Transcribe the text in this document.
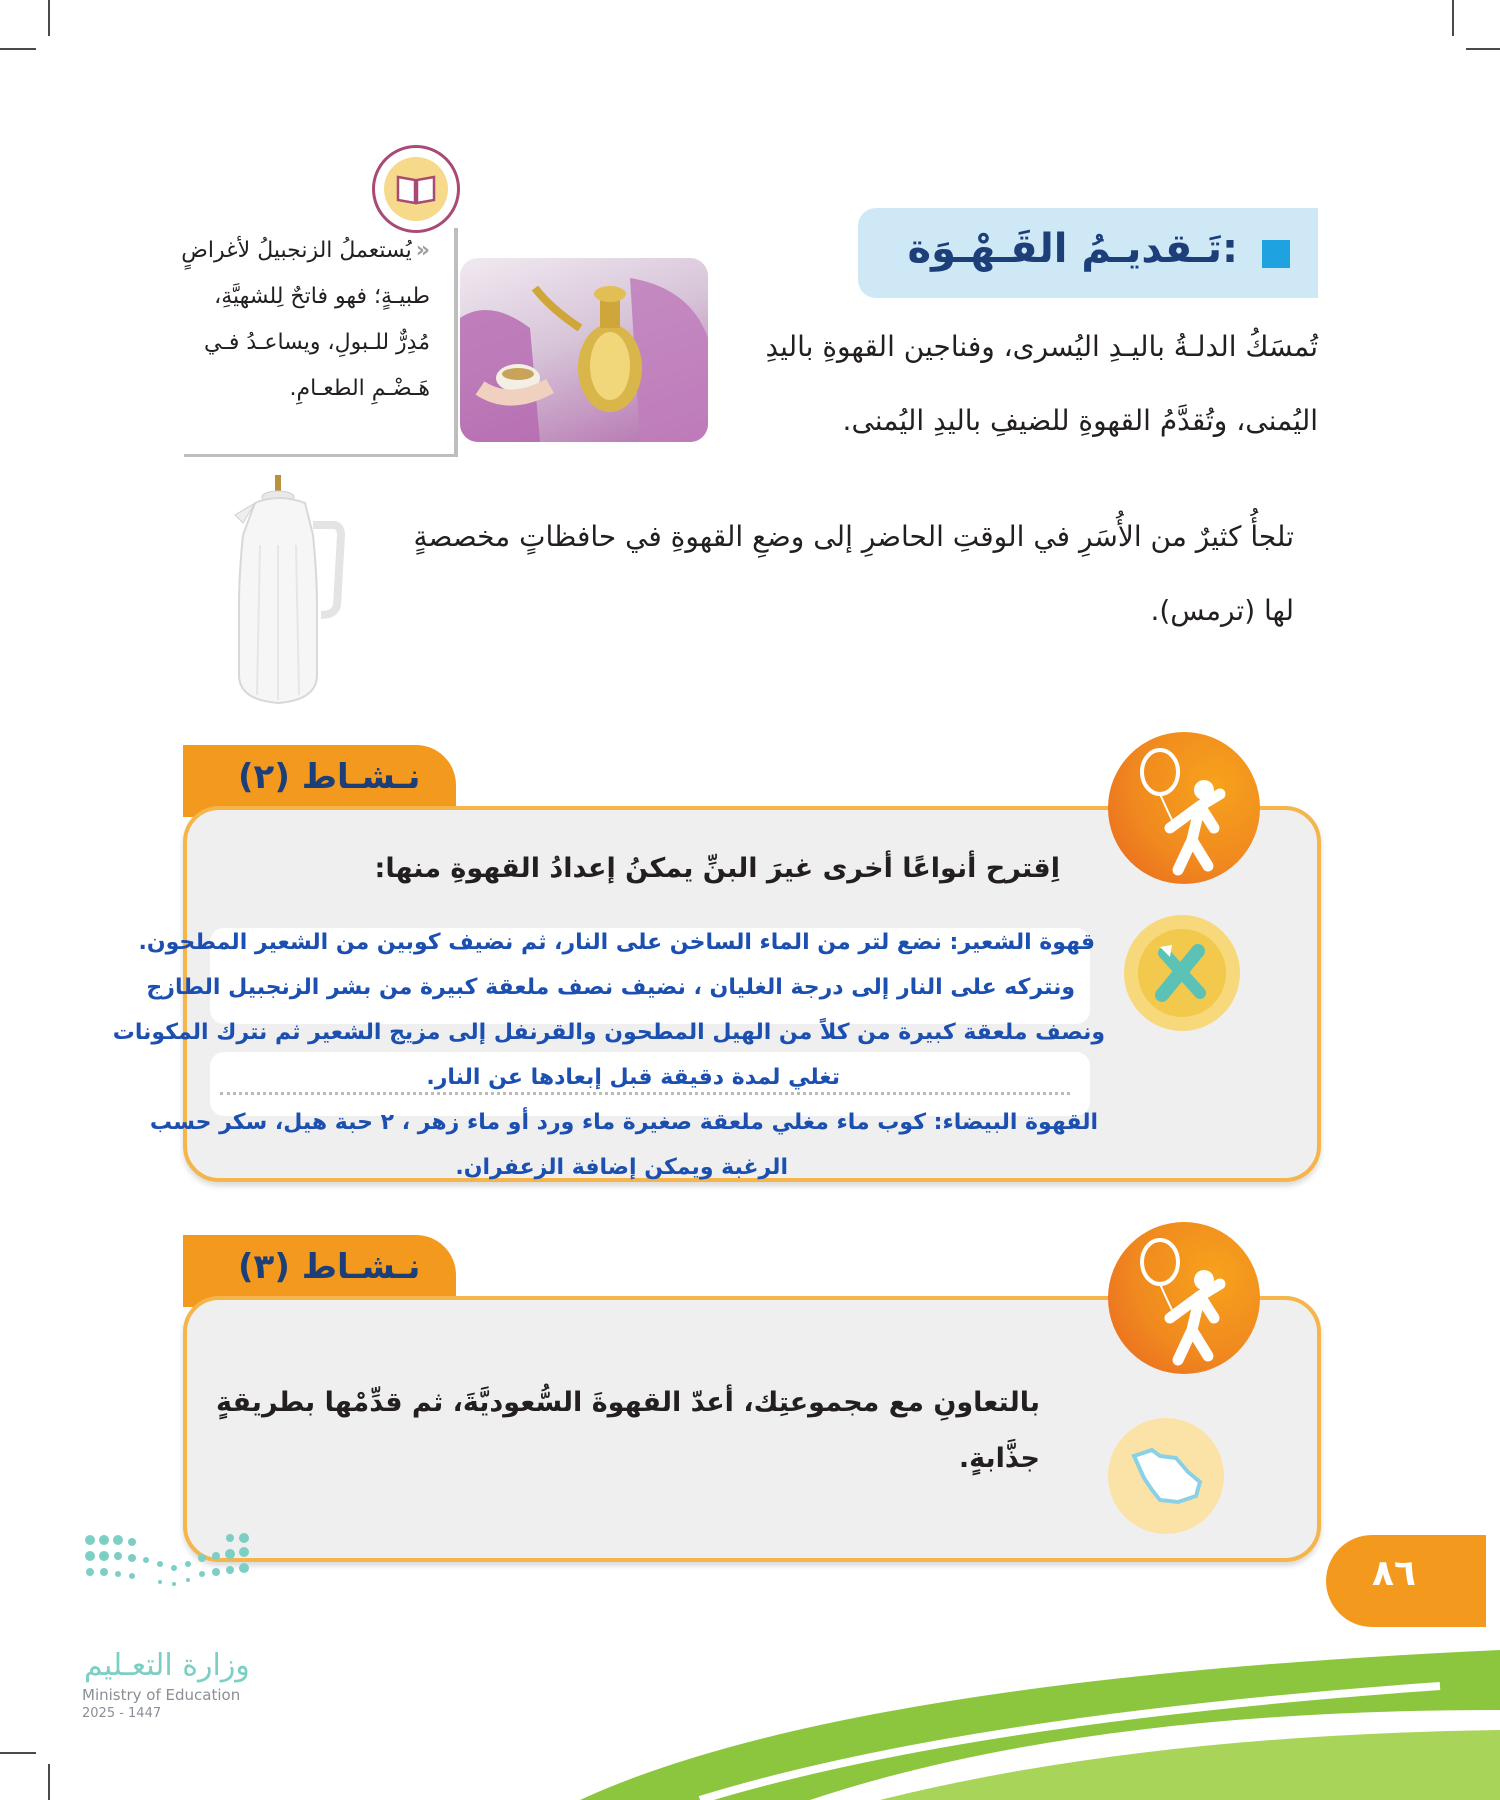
تَـقديـمُ القَـهْـوَة:
تُمسَكُ الدلـةُ باليـدِ اليُسرى، وفناجين القهوةِ باليدِ
اليُمنى، وتُقدَّمُ القهوةِ للضيفِ باليدِ اليُمنى.
«يُستعملُ الزنجبيلُ لأغراضٍ
طبيـةٍ؛ فهو فاتحٌ لِلشهيَّةِ،
مُدِرٌّ للـبولِ، ويساعـدُ فـي
هَـضْـمِ الطعـامِ.
تلجأُ كثيرٌ من الأُسَرِ في الوقتِ الحاضرِ إلى وضعِ القهوةِ في حافظاتٍ مخصصةٍ
لها (ترمس).
نـشـاط (٢)
اِقترح أنواعًا أخرى غيرَ البنِّ يمكنُ إعدادُ القهوةِ منها:
قهوة الشعير: نضع لتر من الماء الساخن على النار، ثم نضيف كوبين من الشعير المطحون.
ونتركه على النار إلى درجة الغليان ، نضيف نصف ملعقة كبيرة من بشر الزنجبيل الطازج
ونصف ملعقة كبيرة من كلاً من الهيل المطحون والقرنفل إلى مزيج الشعير ثم نترك المكونات
تغلي لمدة دقيقة قبل إبعادها عن النار.
القهوة البيضاء: كوب ماء مغلي ملعقة صغيرة ماء ورد أو ماء زهر ، ٢ حبة هيل، سكر حسب
الرغبة ويمكن إضافة الزعفران.
نـشـاط (٣)
بالتعاونِ مع مجموعتِك، أعدّ القهوةَ السُّعوديَّةَ، ثم قدِّمْها بطريقةٍ
جذَّابةٍ.
٨٦
وزارة التعـليم
Ministry of Education
2025 - 1447
